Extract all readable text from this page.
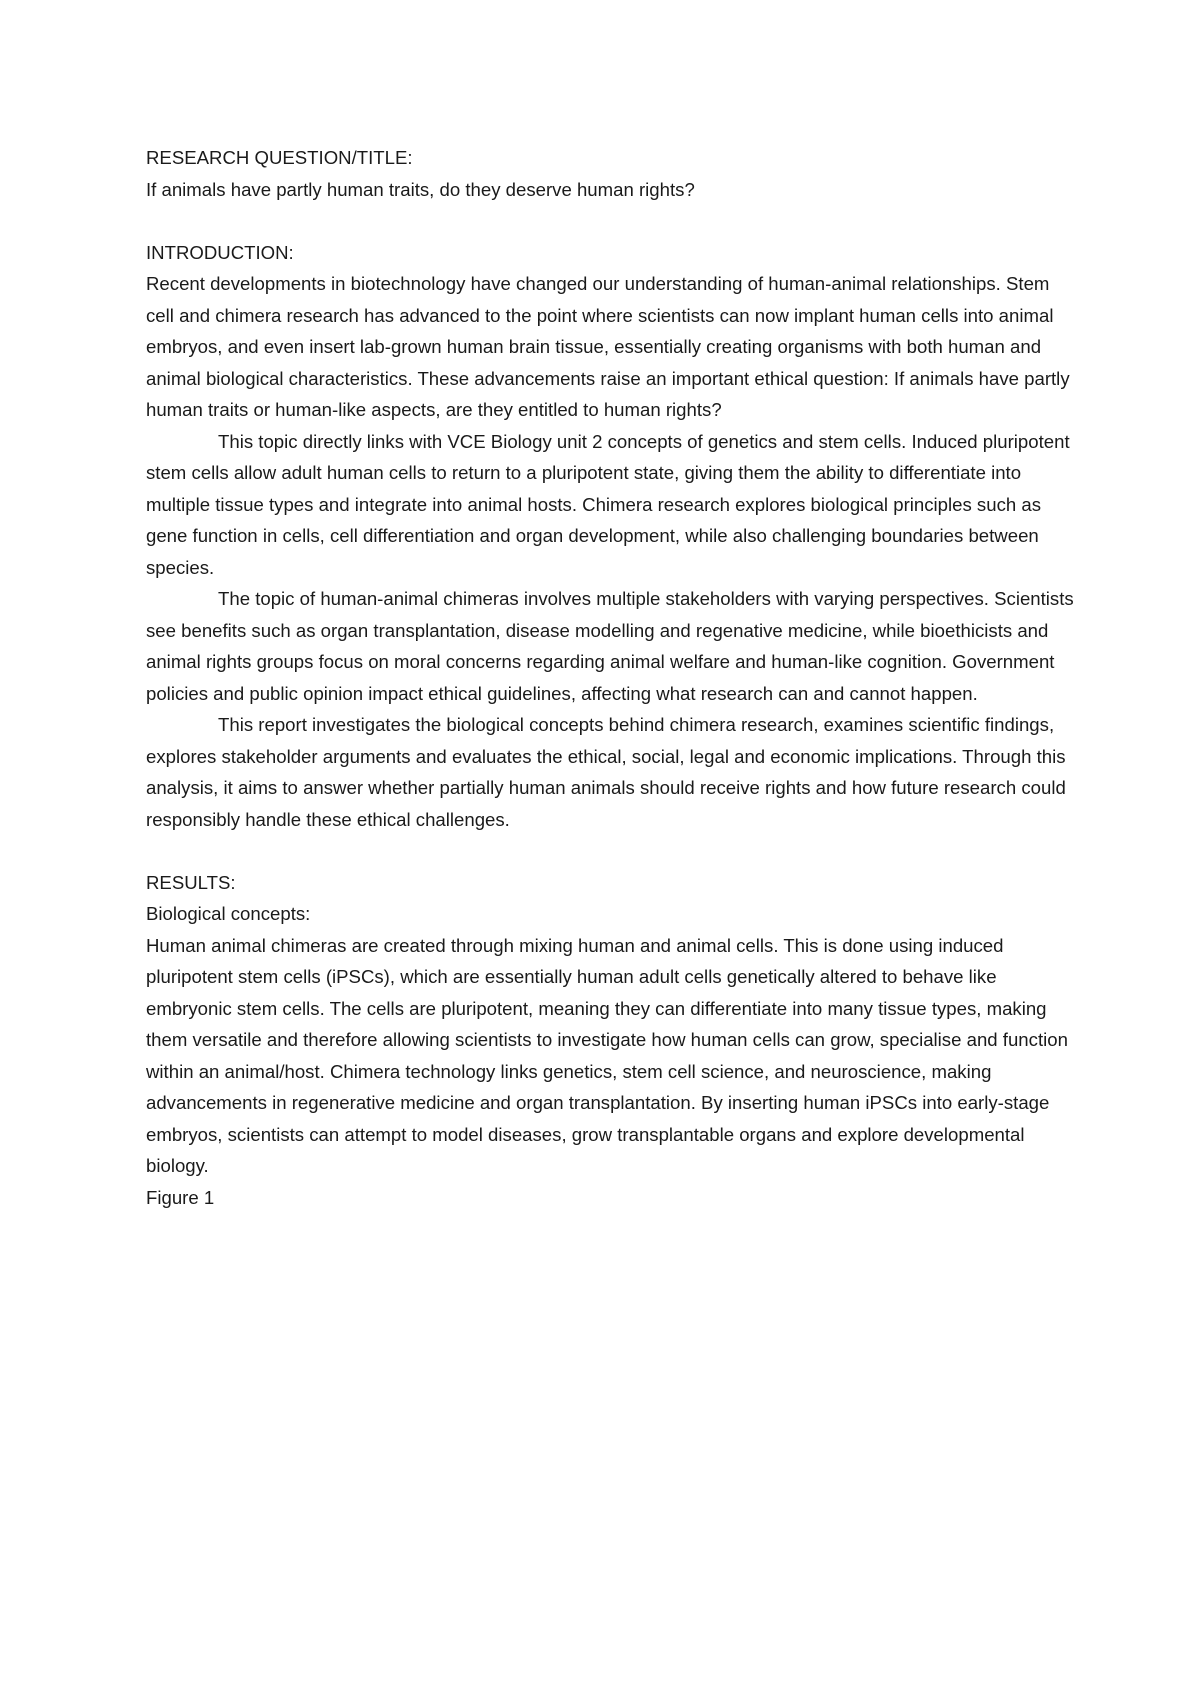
RESEARCH QUESTION/TITLE:

If animals have partly human traits, do they deserve human rights?

INTRODUCTION:

Recent developments in biotechnology have changed our understanding of human-animal relationships. Stem cell and chimera research has advanced to the point where scientists can now implant human cells into animal embryos, and even insert lab-grown human brain tissue, essentially creating organisms with both human and animal biological characteristics. These advancements raise an important ethical question: If animals have partly human traits or human-like aspects, are they entitled to human rights?

This topic directly links with VCE Biology unit 2 concepts of genetics and stem cells. Induced pluripotent stem cells allow adult human cells to return to a pluripotent state, giving them the ability to differentiate into multiple tissue types and integrate into animal hosts. Chimera research explores biological principles such as gene function in cells, cell differentiation and organ development, while also challenging boundaries between species.

The topic of human-animal chimeras involves multiple stakeholders with varying perspectives. Scientists see benefits such as organ transplantation, disease modelling and regenative medicine, while bioethicists and animal rights groups focus on moral concerns regarding animal welfare and human-like cognition. Government policies and public opinion impact ethical guidelines, affecting what research can and cannot happen.

This report investigates the biological concepts behind chimera research, examines scientific findings, explores stakeholder arguments and evaluates the ethical, social, legal and economic implications. Through this analysis, it aims to answer whether partially human animals should receive rights and how future research could responsibly handle these ethical challenges.

RESULTS:

Biological concepts:

Human animal chimeras are created through mixing human and animal cells. This is done using induced pluripotent stem cells (iPSCs), which are essentially human adult cells genetically altered to behave like embryonic stem cells. The cells are pluripotent, meaning they can differentiate into many tissue types, making them versatile and therefore allowing scientists to investigate how human cells can grow, specialise and function within an animal/host. Chimera technology links genetics, stem cell science, and neuroscience, making advancements in regenerative medicine and organ transplantation. By inserting human iPSCs into early-stage embryos, scientists can attempt to model diseases, grow transplantable organs and explore developmental biology.

Figure 1
